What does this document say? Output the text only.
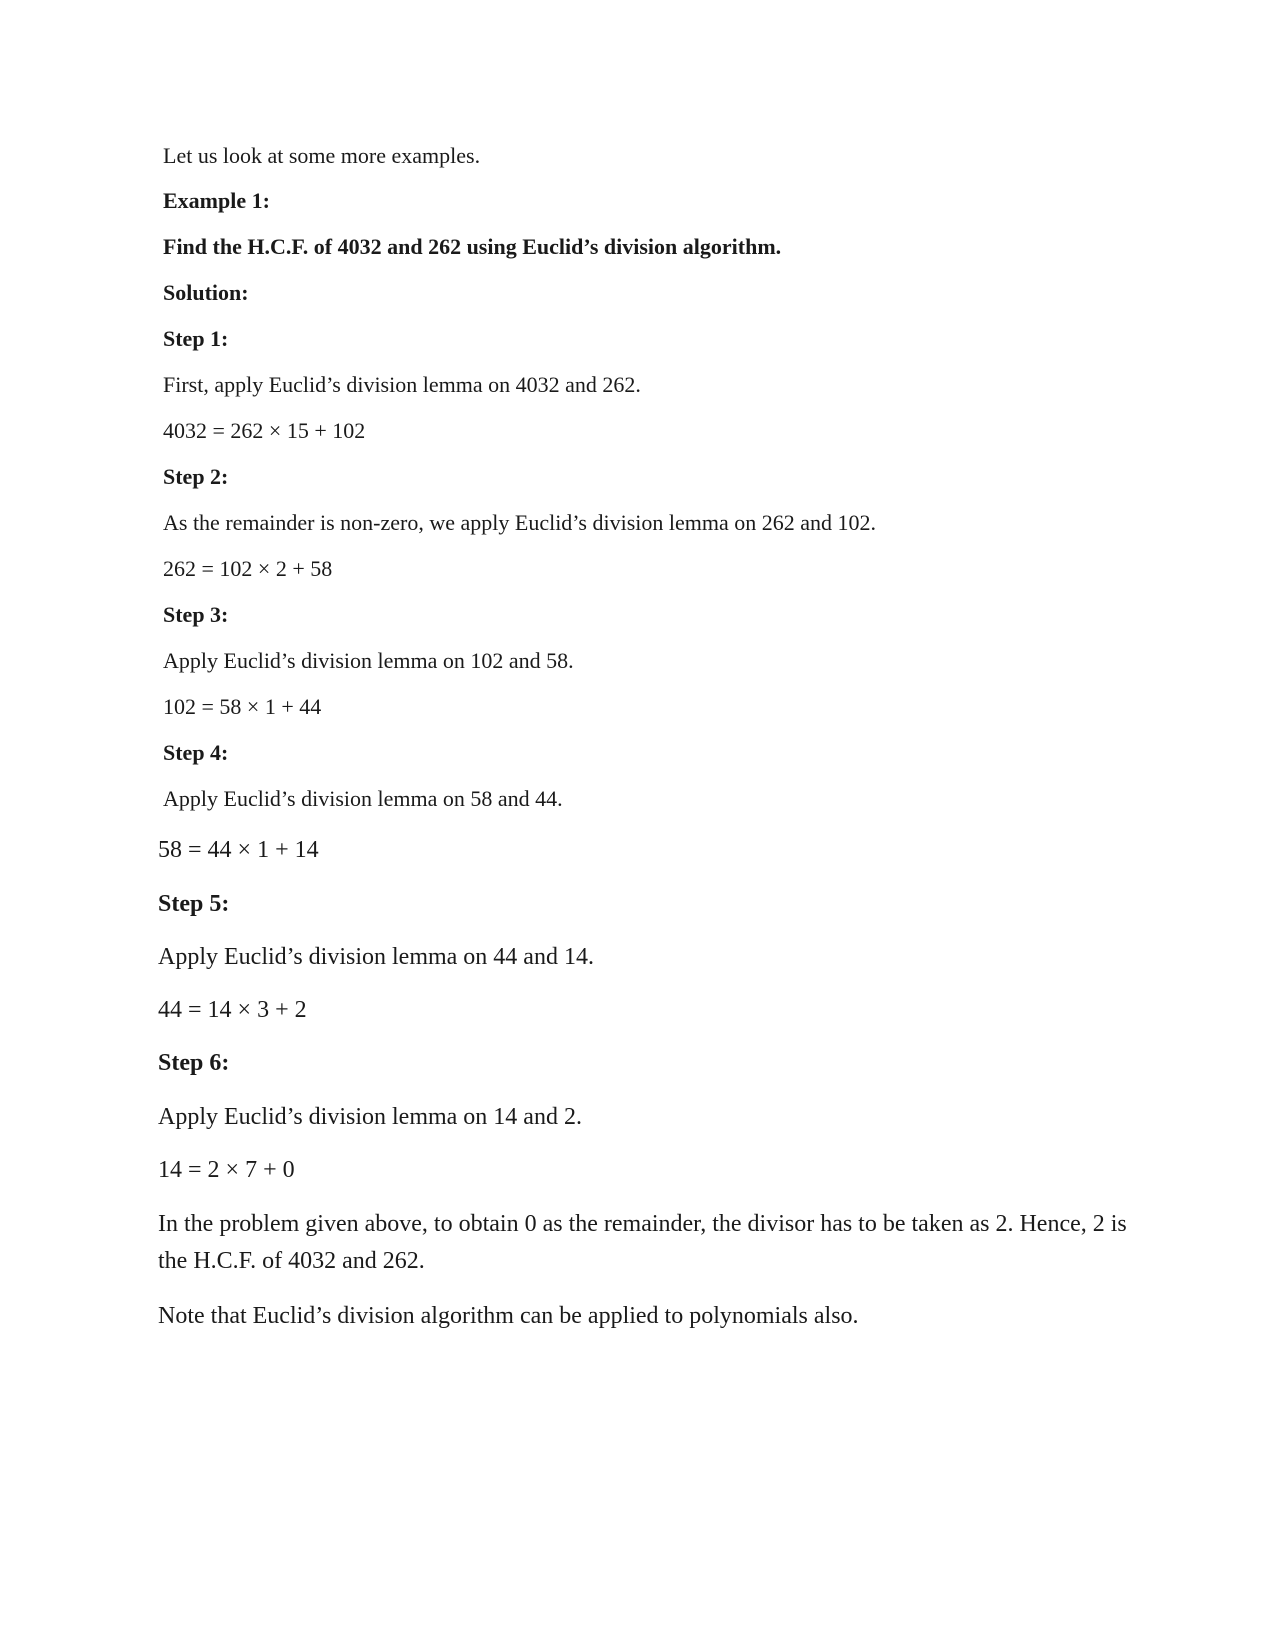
Let us look at some more examples.
Example 1:
Find the H.C.F. of 4032 and 262 using Euclid’s division algorithm.
Solution:
Step 1:
First, apply Euclid’s division lemma on 4032 and 262.
4032 = 262 × 15 + 102
Step 2:
As the remainder is non-zero, we apply Euclid’s division lemma on 262 and 102.
262 = 102 × 2 + 58
Step 3:
Apply Euclid’s division lemma on 102 and 58.
102 = 58 × 1 + 44
Step 4:
Apply Euclid’s division lemma on 58 and 44.
58 = 44 × 1 + 14
Step 5:
Apply Euclid’s division lemma on 44 and 14.
44 = 14 × 3 + 2
Step 6:
Apply Euclid’s division lemma on 14 and 2.
14 = 2 × 7 + 0
In the problem given above, to obtain 0 as the remainder, the divisor has to be taken as 2. Hence, 2 is the H.C.F. of 4032 and 262.
Note that Euclid’s division algorithm can be applied to polynomials also.
